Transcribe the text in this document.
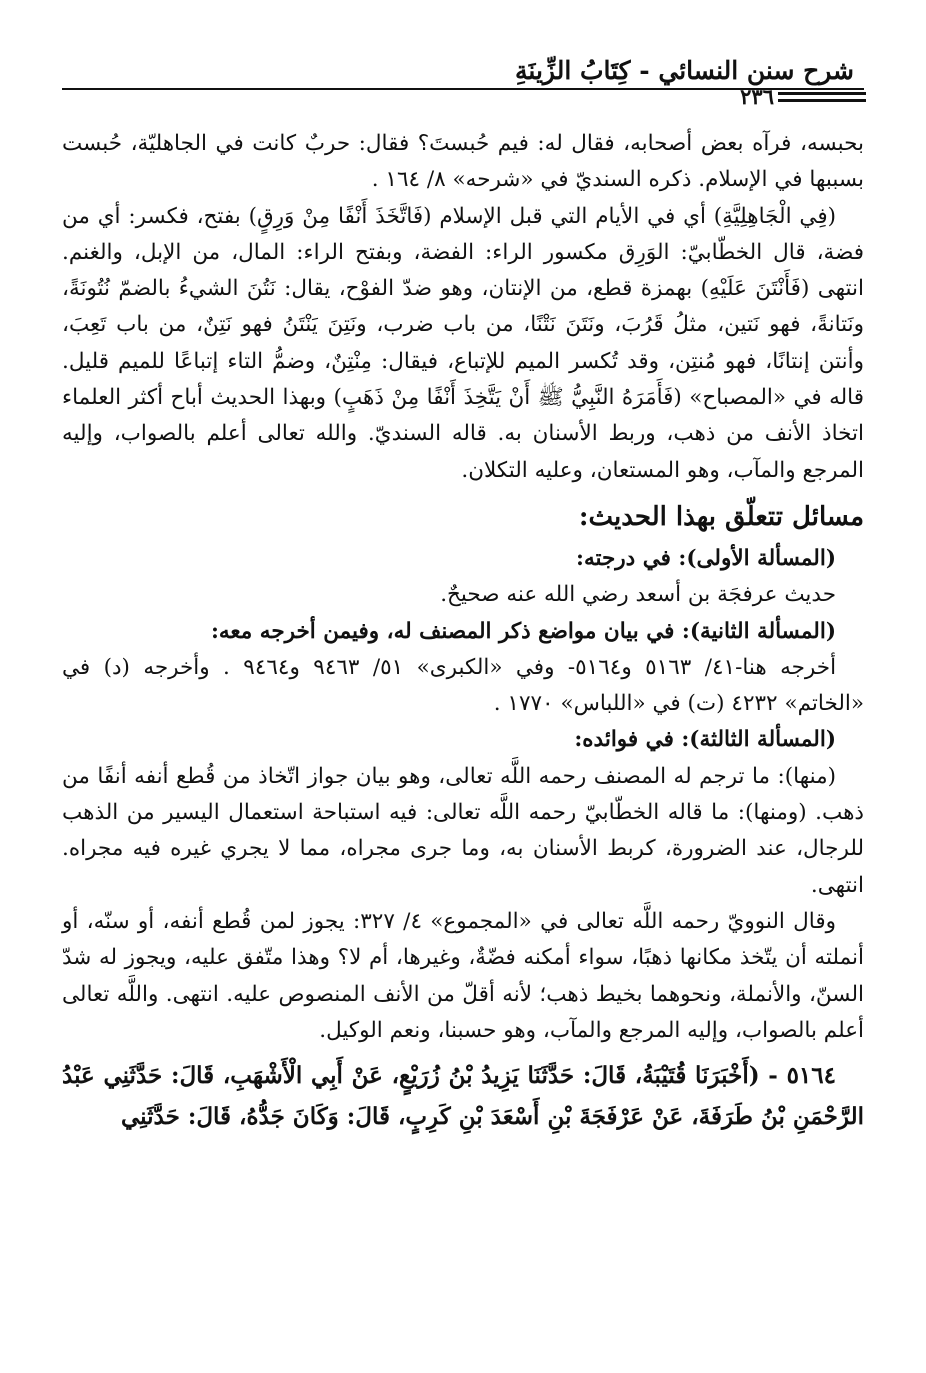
شرح سنن النسائي - كِتَابُ الزِّينَةِ
٢٣٦

بحبسه، فرآه بعض أصحابه، فقال له: فيم حُبستَ؟ فقال: حربٌ كانت في الجاهليّة، حُبست بسببها في الإسلام. ذكره السنديّ في «شرحه» ٨/ ١٦٤ .

(فِي الْجَاهِلِيَّةِ) أي في الأيام التي قبل الإسلام (فَاتَّخَذَ أَنْفًا مِنْ وَرِقٍ) بفتح، فكسر: أي من فضة، قال الخطّابيّ: الوَرِق مكسور الراء: الفضة، وبفتح الراء: المال، من الإبل، والغنم. انتهى (فَأَنْتَنَ عَلَيْهِ) بهمزة قطع، من الإنتان، وهو ضدّ الفوْح، يقال: نَتُنَ الشيءُ بالضمّ نُتُونَةً، ونَتانةً، فهو نَتين، مثلُ قَرُبَ، ونَتَنَ نَتْنًا، من باب ضرب، ونَتِنَ يَنْتَنُ فهو نَتِنٌ، من باب تَعِبَ، وأنتن إنتانًا، فهو مُنتِن، وقد تُكسر الميم للإتباع، فيقال: مِنْتِنٌ، وضمُّ التاء إتباعًا للميم قليل. قاله في «المصباح» (فَأَمَرَهُ النَّبِيُّ ﷺ أَنْ يَتَّخِذَ أَنْفًا مِنْ ذَهَبٍ) وبهذا الحديث أباح أكثر العلماء اتخاذ الأنف من ذهب، وربط الأسنان به. قاله السنديّ. والله تعالى أعلم بالصواب، وإليه المرجع والمآب، وهو المستعان، وعليه التكلان.

مسائل تتعلّق بهذا الحديث:

(المسألة الأولى): في درجته:

حديث عرفجَة بن أسعد رضي الله عنه صحيحٌ.

(المسألة الثانية): في بيان مواضع ذكر المصنف له، وفيمن أخرجه معه:

أخرجه هنا-٤١/ ٥١٦٣ و٥١٦٤- وفي «الكبرى» ٥١/ ٩٤٦٣ و٩٤٦٤ . وأخرجه (د) في «الخاتم» ٤٢٣٢ (ت) في «اللباس» ١٧٧٠ .

(المسألة الثالثة): في فوائده:

(منها): ما ترجم له المصنف رحمه اللَّه تعالى، وهو بيان جواز اتّخاذ من قُطع أنفه أنفًا من ذهب. (ومنها): ما قاله الخطّابيّ رحمه اللَّه تعالى: فيه استباحة استعمال اليسير من الذهب للرجال، عند الضرورة، كربط الأسنان به، وما جرى مجراه، مما لا يجري غيره فيه مجراه. انتهى.

وقال النوويّ رحمه اللَّه تعالى في «المجموع» ٤/ ٣٢٧: يجوز لمن قُطع أنفه، أو سنّه، أو أنملته أن يتّخذ مكانها ذهبًا، سواء أمكنه فضّةٌ، وغيرها، أم لا؟ وهذا متّفق عليه، ويجوز له شدّ السنّ، والأنملة، ونحوهما بخيط ذهب؛ لأنه أقلّ من الأنف المنصوص عليه. انتهى. واللَّه تعالى أعلم بالصواب، وإليه المرجع والمآب، وهو حسبنا، ونعم الوكيل.

٥١٦٤ - (أَخْبَرَنَا قُتَيْبَةُ، قَالَ: حَدَّثَنَا يَزِيدُ بْنُ زُرَيْعٍ، عَنْ أَبِي الْأَشْهَبِ، قَالَ: حَدَّثَنِي عَبْدُ الرَّحْمَنِ بْنُ طَرَفَةَ، عَنْ عَرْفَجَةَ بْنِ أَسْعَدَ بْنِ كَرِبٍ، قَالَ: وَكَانَ جَدُّهُ، قَالَ: حَدَّثَنِي
